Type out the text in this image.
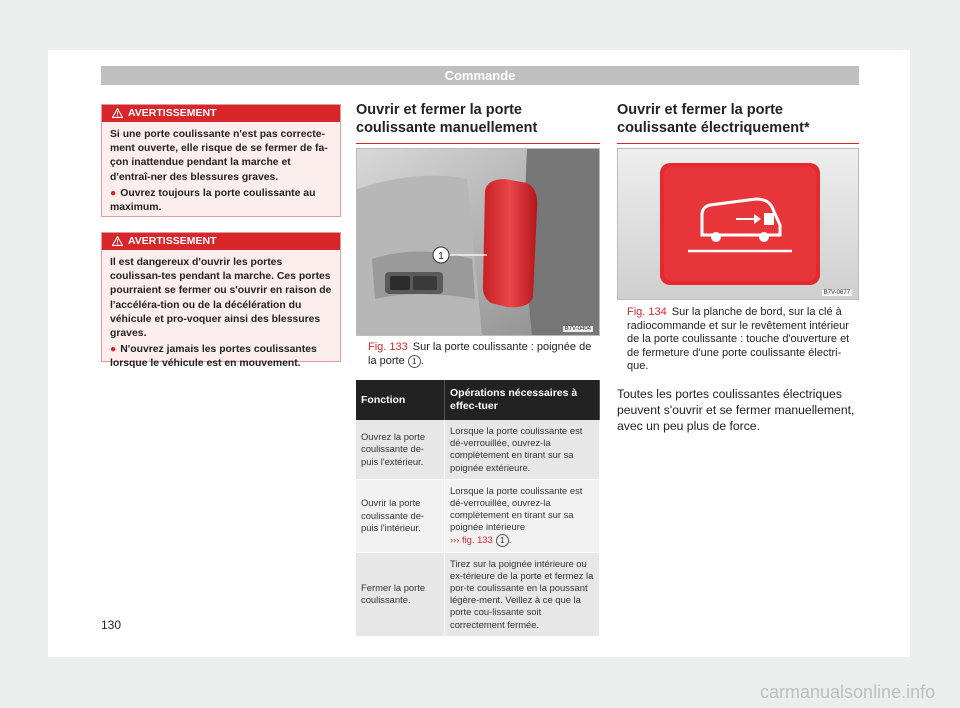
Commande
AVERTISSEMENT

Si une porte coulissante n'est pas correcte-ment ouverte, elle risque de se fermer de fa-çon inattendue pendant la marche et d'entraî-ner des blessures graves.

● Ouvrez toujours la porte coulissante au maximum.

AVERTISSEMENT

Il est dangereux d'ouvrir les portes coulissan-tes pendant la marche. Ces portes pourraient se fermer ou s'ouvrir en raison de l'accéléra-tion ou de la décélération du véhicule et pro-voquer ainsi des blessures graves.

● N'ouvrez jamais les portes coulissantes lorsque le véhicule est en mouvement.

Ouvrir et fermer la porte coulissante manuellement
1
B7V-0404
Fig. 133 Sur la porte coulissante : poignée de la porte 1 .
Fonction	Opérations nécessaires à effec-tuer
Ouvrez la porte coulissante de-puis l'extérieur.	Lorsque la porte coulissante est dé-verrouillée, ouvrez-la complètement en tirant sur sa poignée extérieure.
Ouvrir la porte coulissante de-puis l'intérieur.	Lorsque la porte coulissante est dé-verrouillée, ouvrez-la complètement en tirant sur sa poignée intérieure
››› fig. 133 1 .
Fermer la porte coulissante.	Tirez sur la poignée intérieure ou ex-térieure de la porte et fermez la por-te coulissante en la poussant légère-ment. Veillez à ce que la porte cou-lissante soit correctement fermée.
Ouvrir et fermer la porte coulissante électriquement*
B7V-0677
Fig. 134 Sur la planche de bord, sur la clé à radiocommande et sur le revêtement intérieur de la porte coulissante : touche d'ouverture et de fermeture d'une porte coulissante électri-que.
Toutes les portes coulissantes électriques peuvent s'ouvrir et se fermer manuellement, avec un peu plus de force.
130
carmanualsonline.info
